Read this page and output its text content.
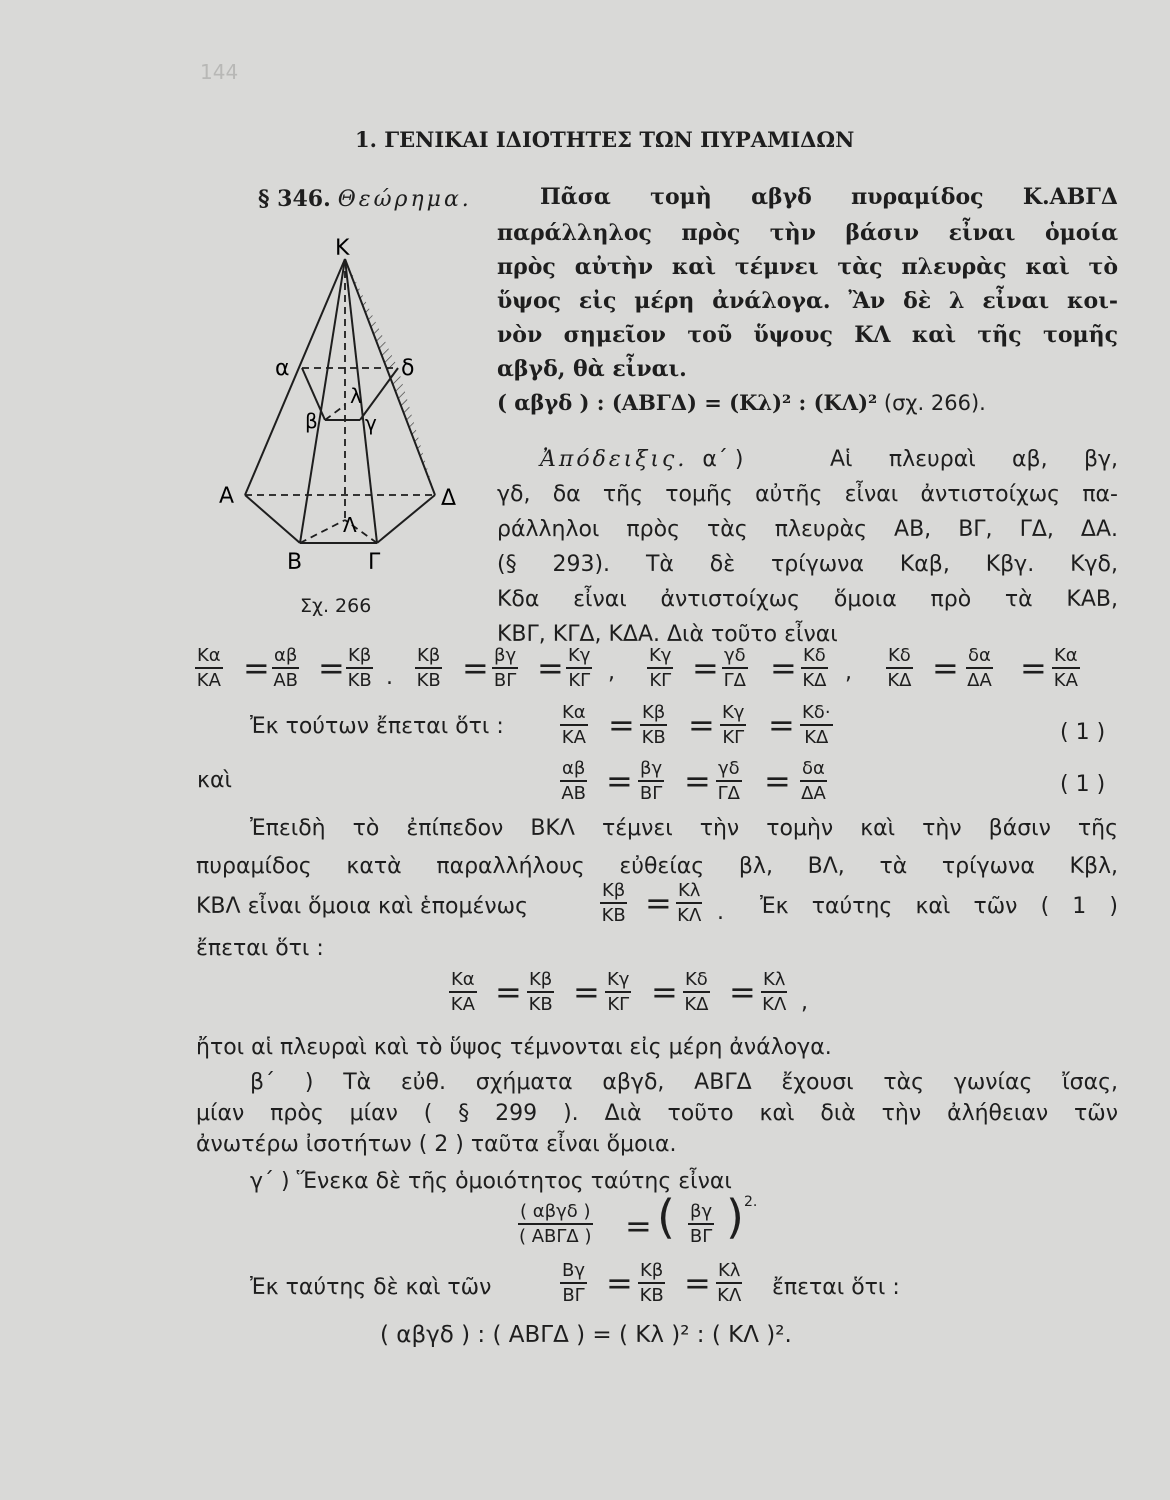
144
1. ΓΕΝΙΚΑΙ ΙΔΙΟΤΗΤΕΣ ΤΩΝ ΠΥΡΑΜΙΔΩΝ
§ 346. Θεώρημα.	Πᾶσα τομὴ αβγδ πυραμίδος Κ.ΑΒΓΔ
παράλληλος πρὸς τὴν βάσιν εἶναι ὁμοία
πρὸς αὐτὴν καὶ τέμνει τὰς πλευρὰς καὶ τὸ
ὕψος εἰς μέρη ἀνάλογα. Ἂν δὲ λ εἶναι κοι-
νὸν σημεῖον τοῦ ὕψους ΚΛ καὶ τῆς τομῆς
αβγδ, θὰ εἶναι.
( αβγδ ) : (ΑΒΓΔ) = (Κλ)² : (ΚΛ)² (σχ. 266).
Κ
α	δ
λ
β γ
Α	Δ
Λ
Β	Γ
Σχ. 266
Ἀπόδειξις. α΄ )	Αἱ πλευραὶ αβ, βγ,
γδ, δα τῆς τομῆς αὐτῆς εἶναι ἀντιστοίχως πα-
ράλληλοι πρὸς τὰς πλευρὰς ΑΒ, ΒΓ, ΓΔ, ΔΑ.
(§ 293). Τὰ δὲ τρίγωνα Καβ, Κβγ. Κγδ,
Κδα εἶναι ἀντιστοίχως ὅμοια πρὸ τὰ ΚΑΒ,
ΚΒΓ, ΚΓΔ, ΚΔΑ. Διὰ τοῦτο εἶναι
$\frac{K\alpha}{KA} = \frac{\alpha\beta}{AB} = \frac{K\beta}{KB}$ . $\frac{K\beta}{KB} = \frac{\beta\gamma}{B\Gamma} = \frac{K\gamma}{K\Gamma}$ , $\frac{K\gamma}{K\Gamma} = \frac{\gamma\delta}{\Gamma\Delta} = \frac{K\delta}{K\Delta}$ , $\frac{K\delta}{K\Delta} = \frac{\delta\alpha}{\Delta A} = \frac{K\alpha}{KA}$
Ἐκ τούτων ἔπεται ὅτι :	$\frac{K\alpha}{KA} = \frac{K\beta}{KB} = \frac{K\gamma}{K\Gamma} = \frac{K\delta\cdot}{K\Delta}$	( 1 )
καὶ	$\frac{\alpha\beta}{AB} = \frac{\beta\gamma}{B\Gamma} = \frac{\gamma\delta}{\Gamma\Delta} = \frac{\delta\alpha}{\Delta A}$	( 1 )
Ἐπειδὴ τὸ ἐπίπεδον ΒΚΛ τέμνει τὴν τομὴν καὶ τὴν βάσιν τῆς
πυραμίδος κατὰ παραλλήλους εὐθείας βλ, ΒΛ, τὰ τρίγωνα Κβλ,
ΚΒΛ εἶναι ὅμοια καὶ ἑπομένως	$\frac{K\beta}{KB} = \frac{K\lambda}{K\Lambda}$ . Ἐκ ταύτης καὶ τῶν ( 1 )
ἔπεται ὅτι :
$\frac{K\alpha}{KA} = \frac{K\beta}{KB} = \frac{K\gamma}{K\Gamma} = \frac{K\delta}{K\Delta} = \frac{K\lambda}{K\Lambda}$ ,
ἤτοι αἱ πλευραὶ καὶ τὸ ὕψος τέμνονται εἰς μέρη ἀνάλογα.
β΄ ) Τὰ εὐθ. σχήματα αβγδ, ΑΒΓΔ ἔχουσι τὰς γωνίας ἴσας,
μίαν πρὸς μίαν ( § 299 ). Διὰ τοῦτο καὶ διὰ τὴν ἀλήθειαν τῶν
ἀνωτέρω ἰσοτήτων ( 2 ) ταῦτα εἶναι ὅμοια.
γ΄ ) Ἕνεκα δὲ τῆς ὁμοιότητος ταύτης εἶναι
( αβγδ )
( ΑΒΓΔ ) = ( $\frac{\beta\gamma}{B\Gamma}$ ) 2.
Ἐκ ταύτης δὲ καὶ τῶν	$\frac{B\gamma}{B\Gamma} = \frac{K\beta}{KB} = \frac{K\lambda}{K\Lambda}$ ἔπεται ὅτι :
( αβγδ ) : ( ΑΒΓΔ ) = ( Κλ )² : ( ΚΛ )².
